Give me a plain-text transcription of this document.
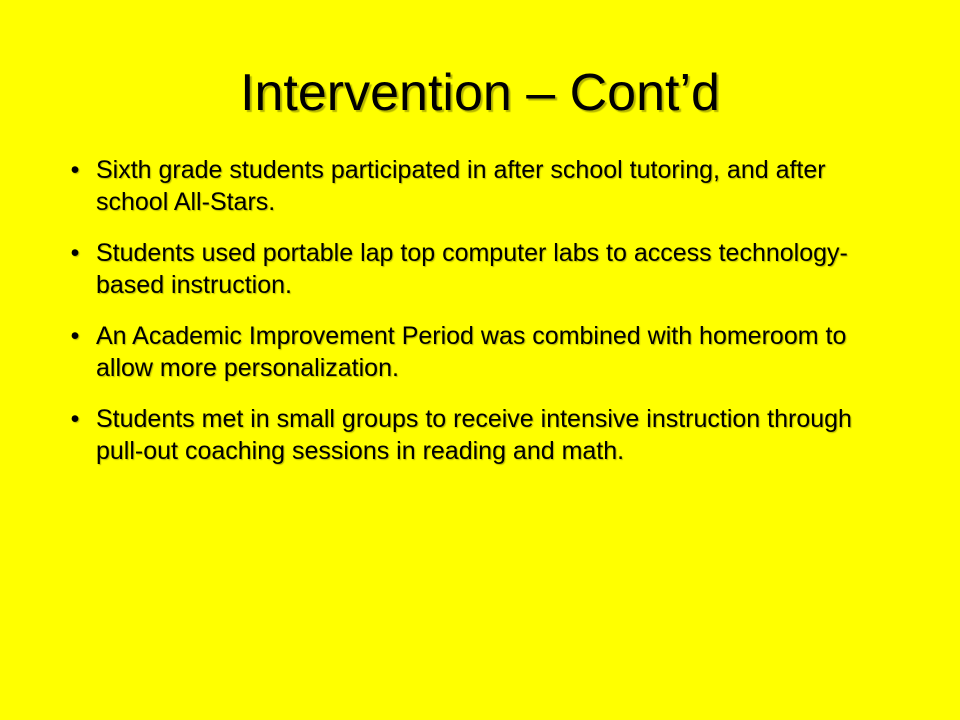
Intervention – Cont’d
• Sixth grade students participated in after school tutoring, and after school All-Stars.
• Students used portable lap top computer labs to access technology-based instruction.
• An Academic Improvement Period was combined with homeroom to allow more personalization.
• Students met in small groups to receive intensive instruction through pull-out coaching sessions in reading and math.
